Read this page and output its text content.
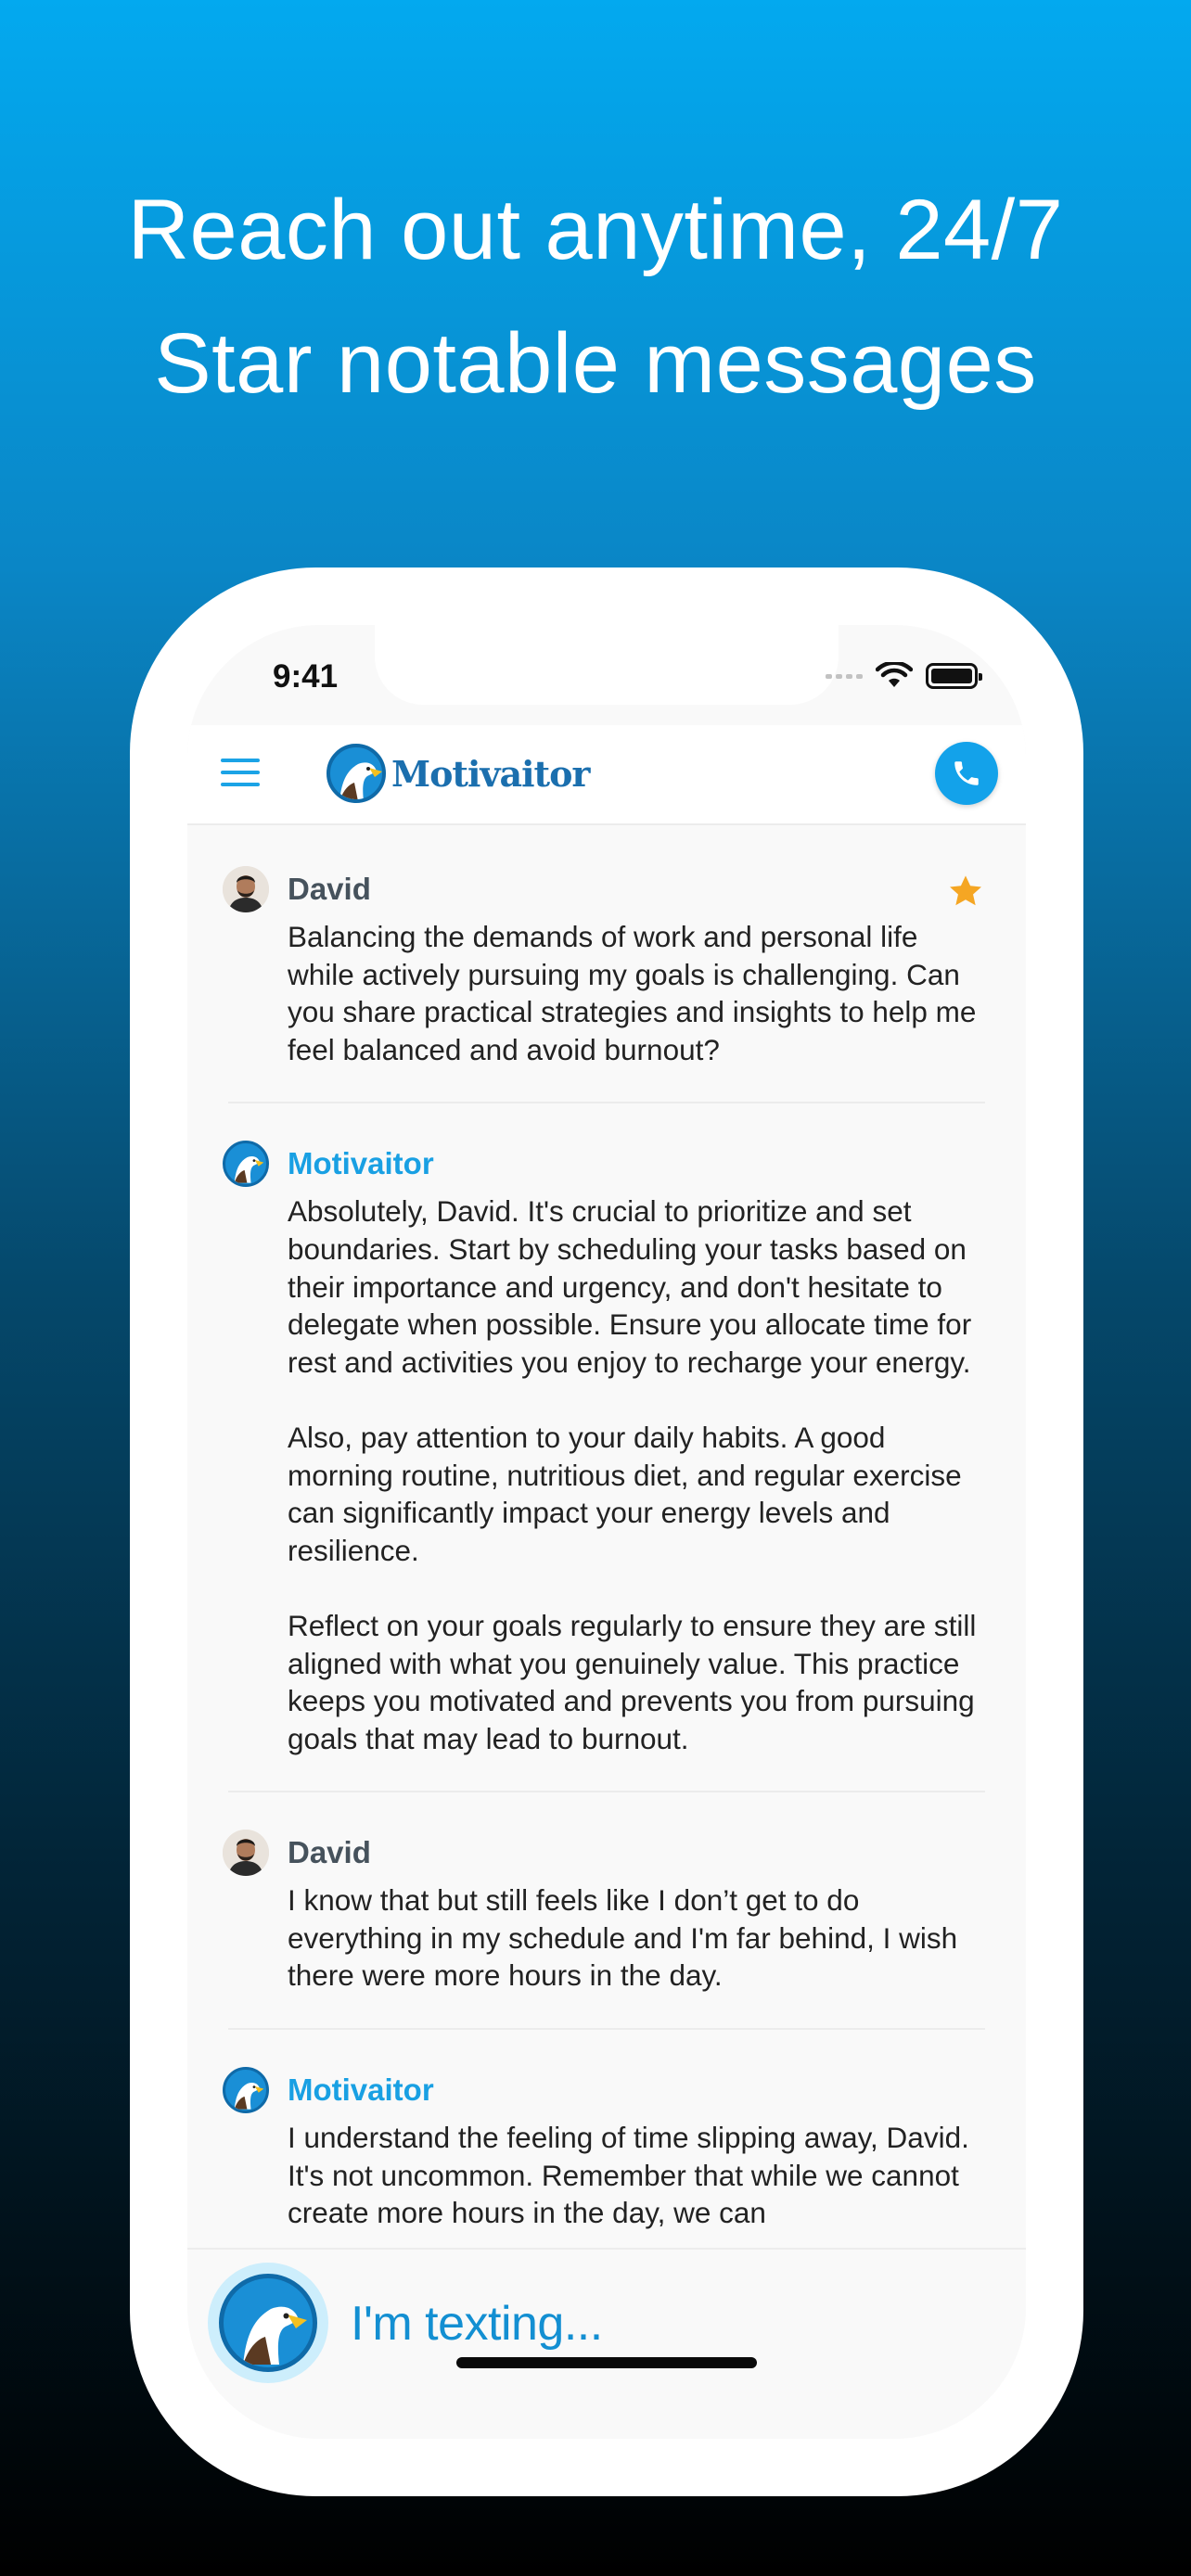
Reach out anytime, 24/7
Star notable messages
9:41
Motivaitor
David

Balancing the demands of work and personal life while actively pursuing my goals is challenging. Can you share practical strategies and insights to help me feel balanced and avoid burnout?

Motivaitor

Absolutely, David. It's crucial to prioritize and set boundaries. Start by scheduling your tasks based on their importance and urgency, and don't hesitate to delegate when possible. Ensure you allocate time for rest and activities you enjoy to recharge your energy.

Also, pay attention to your daily habits. A good morning routine, nutritious diet, and regular exercise can significantly impact your energy levels and resilience.

Reflect on your goals regularly to ensure they are still aligned with what you genuinely value. This practice keeps you motivated and prevents you from pursuing goals that may lead to burnout.

David

I know that but still feels like I don’t get to do everything in my schedule and I'm far behind, I wish there were more hours in the day.

Motivaitor

I understand the feeling of time slipping away, David. It's not uncommon. Remember that while we cannot create more hours in the day, we can

I'm texting...
